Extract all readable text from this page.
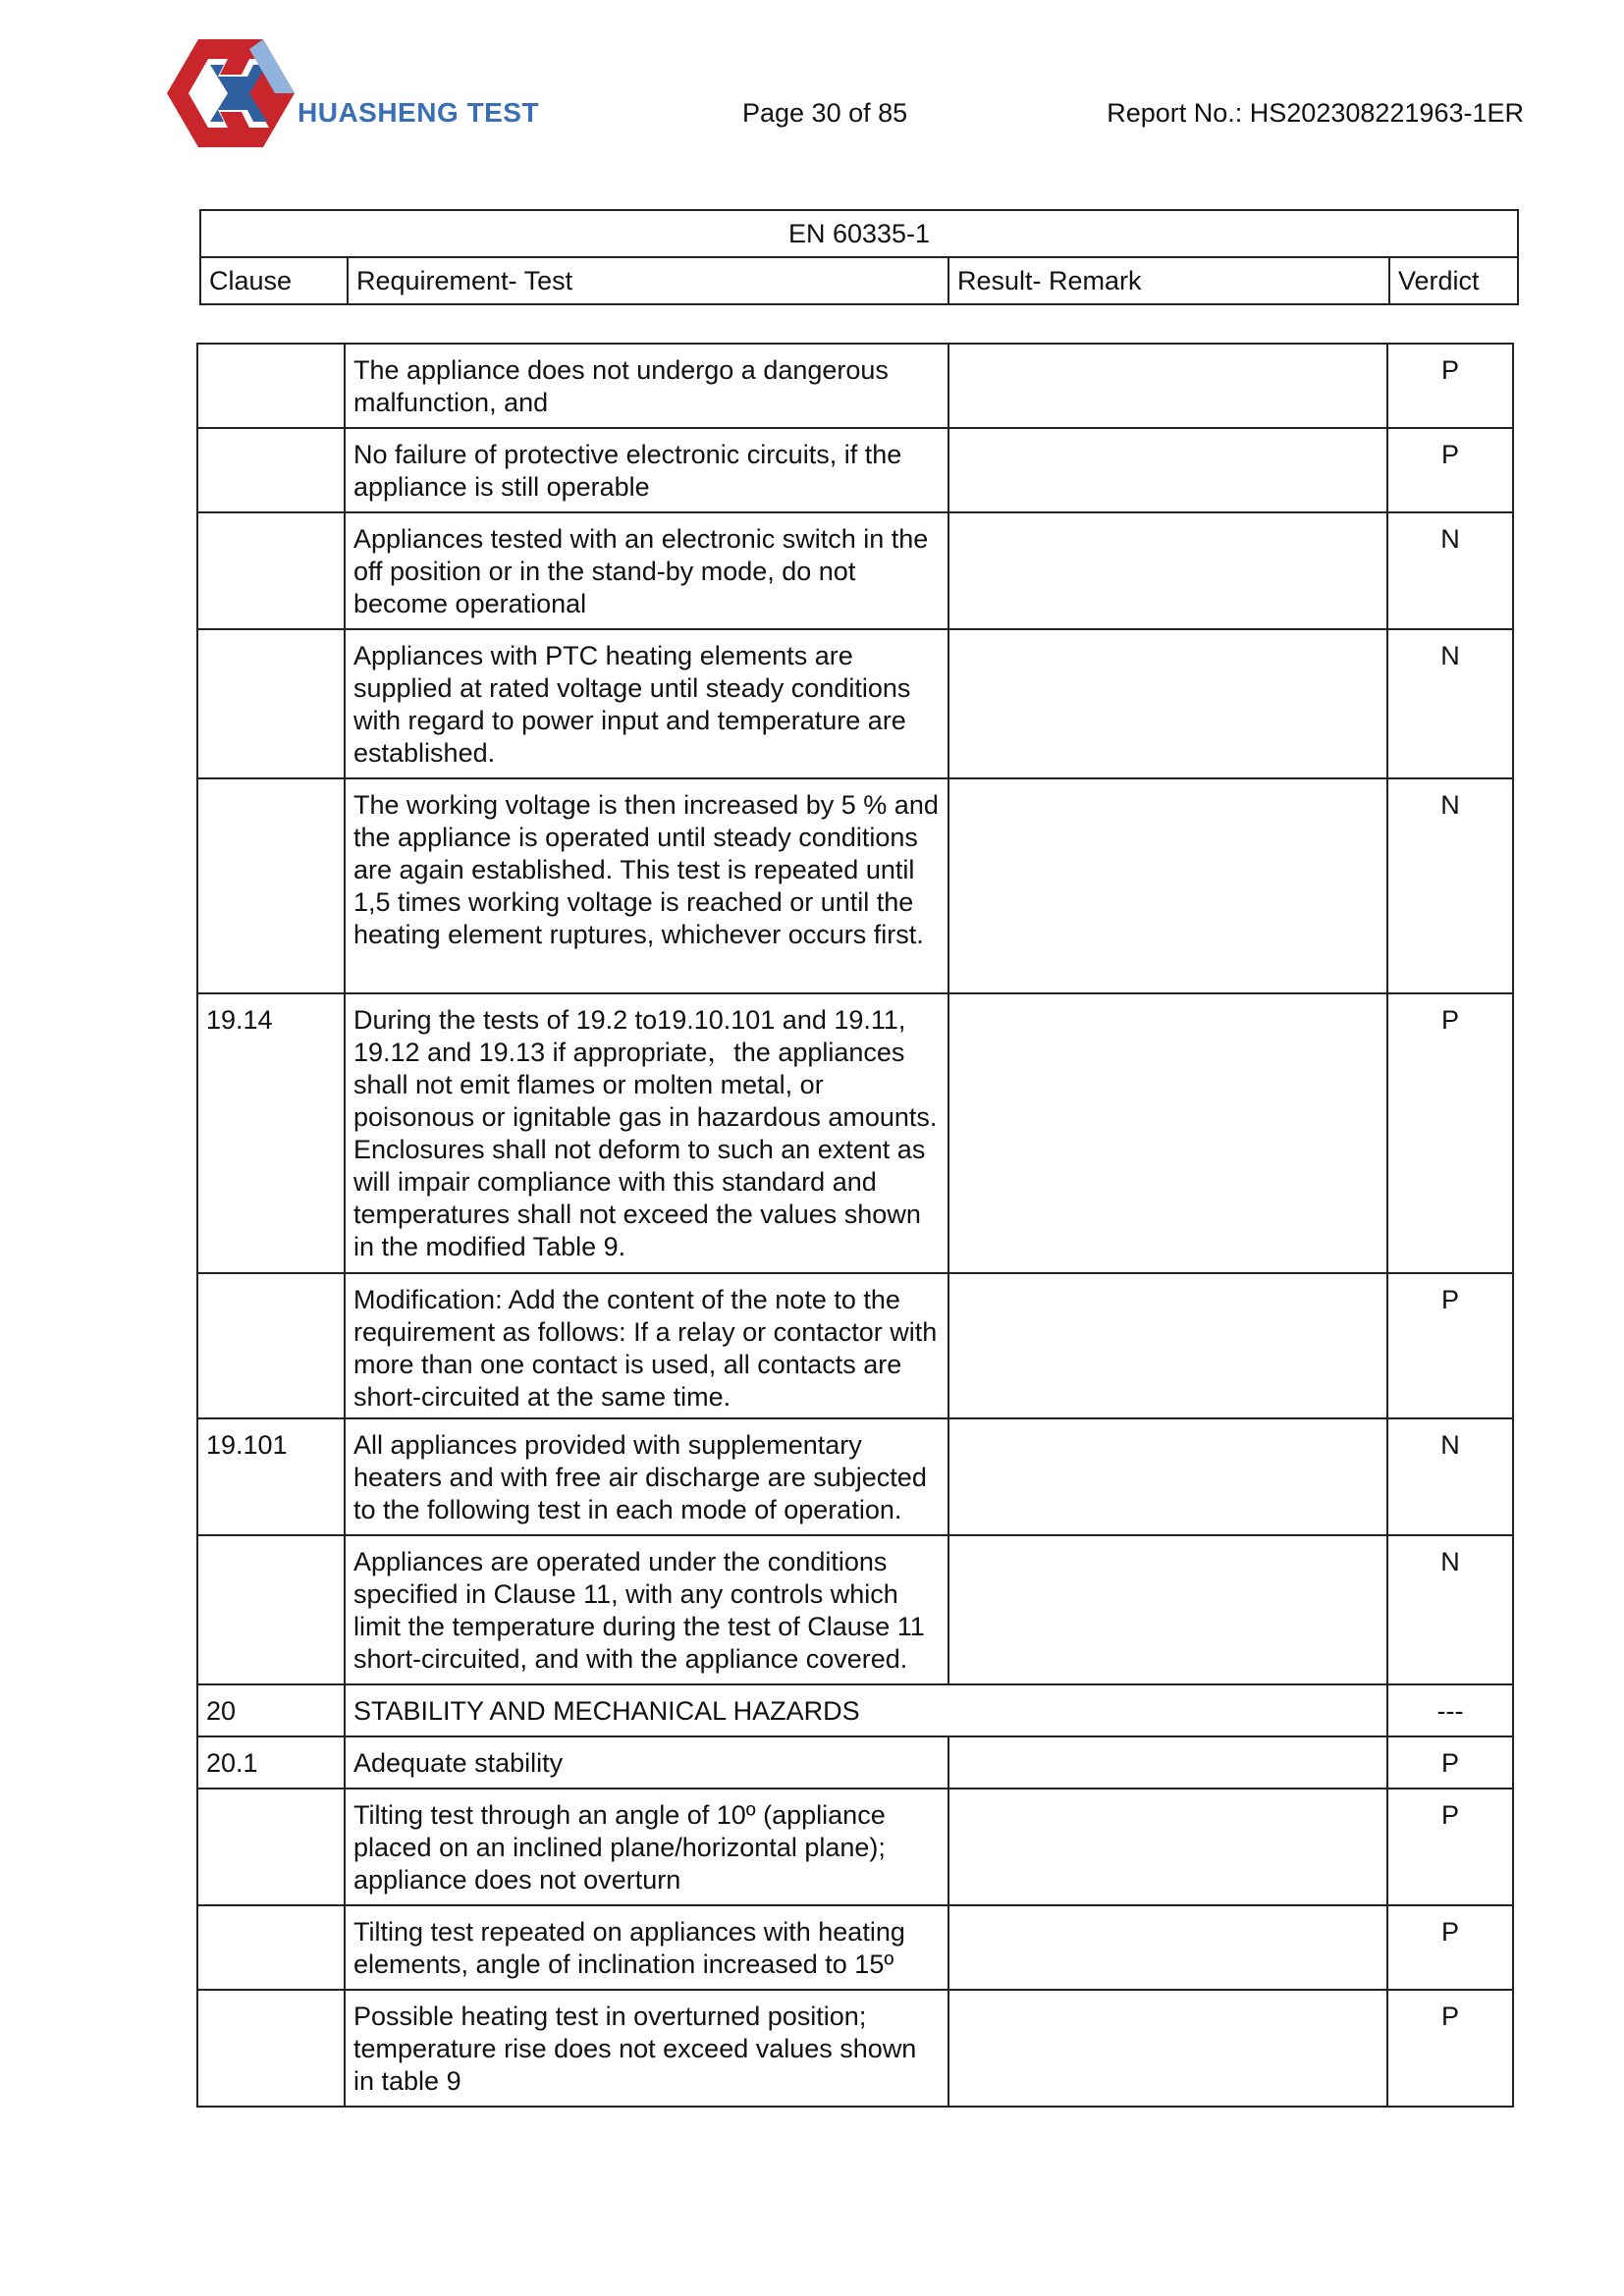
HUASHENG TEST	Page 30 of 85	Report No.: HS202308221963-1ER
EN 60335-1
Clause	Requirement- Test	Result- Remark	Verdict
	The appliance does not undergo a dangerous malfunction, and		P
	No failure of protective electronic circuits, if the appliance is still operable		P
	Appliances tested with an electronic switch in the off position or in the stand-by mode, do not become operational		N
	Appliances with PTC heating elements are supplied at rated voltage until steady conditions with regard to power input and temperature are established.		N
	The working voltage is then increased by 5 % and the appliance is operated until steady conditions are again established. This test is repeated until 1,5 times working voltage is reached or until the heating element ruptures, whichever occurs first.		N
19.14	During the tests of 19.2 to19.10.101 and 19.11, 19.12 and 19.13 if appropriate，the appliances shall not emit flames or molten metal, or poisonous or ignitable gas in hazardous amounts. Enclosures shall not deform to such an extent as will impair compliance with this standard and temperatures shall not exceed the values shown in the modified Table 9.		P
	Modification: Add the content of the note to the requirement as follows: If a relay or contactor with more than one contact is used, all contacts are short-circuited at the same time.		P
19.101	All appliances provided with supplementary heaters and with free air discharge are subjected to the following test in each mode of operation.		N
	Appliances are operated under the conditions specified in Clause 11, with any controls which limit the temperature during the test of Clause 11 short-circuited, and with the appliance covered.		N
20	STABILITY AND MECHANICAL HAZARDS		---
20.1	Adequate stability		P
	Tilting test through an angle of 10º (appliance placed on an inclined plane/horizontal plane); appliance does not overturn		P
	Tilting test repeated on appliances with heating elements, angle of inclination increased to 15º		P
	Possible heating test in overturned position; temperature rise does not exceed values shown in table 9		P
